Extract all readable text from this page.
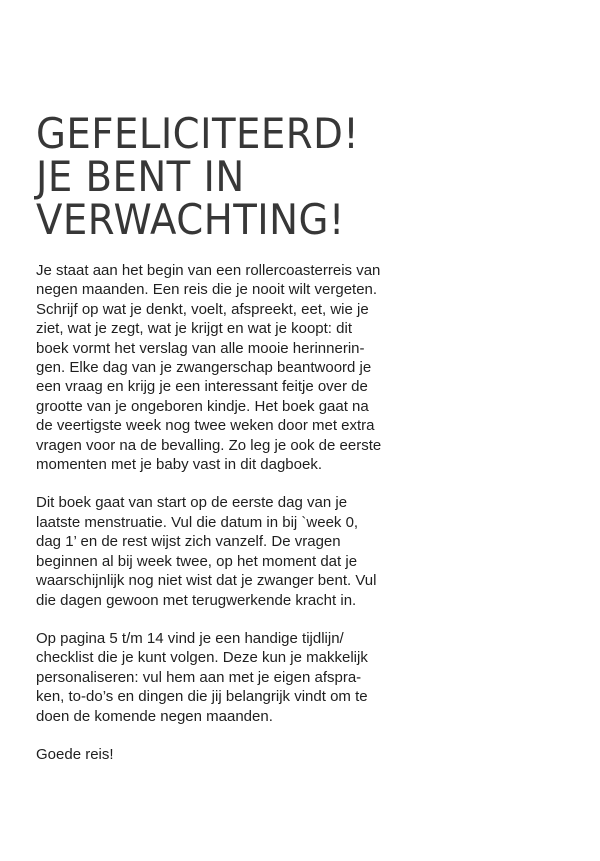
GEFELICITEERD!
JE BENT IN
VERWACHTING!

Je staat aan het begin van een rollercoasterreis van
negen maanden. Een reis die je nooit wilt vergeten.
Schrijf op wat je denkt, voelt, afspreekt, eet, wie je
ziet, wat je zegt, wat je krijgt en wat je koopt: dit
boek vormt het verslag van alle mooie herinnerin-
gen. Elke dag van je zwangerschap beantwoord je
een vraag en krijg je een interessant feitje over de
grootte van je ongeboren kindje. Het boek gaat na
de veertigste week nog twee weken door met extra
vragen voor na de bevalling. Zo leg je ook de eerste
momenten met je baby vast in dit dagboek.

Dit boek gaat van start op de eerste dag van je
laatste menstruatie. Vul die datum in bij `week 0,
dag 1’ en de rest wijst zich vanzelf. De vragen
beginnen al bij week twee, op het moment dat je
waarschijnlijk nog niet wist dat je zwanger bent. Vul
die dagen gewoon met terugwerkende kracht in.

Op pagina 5 t/m 14 vind je een handige tijdlijn/
checklist die je kunt volgen. Deze kun je makkelijk
personaliseren: vul hem aan met je eigen afspra-
ken, to-do’s en dingen die jij belangrijk vindt om te
doen de komende negen maanden.

Goede reis!
